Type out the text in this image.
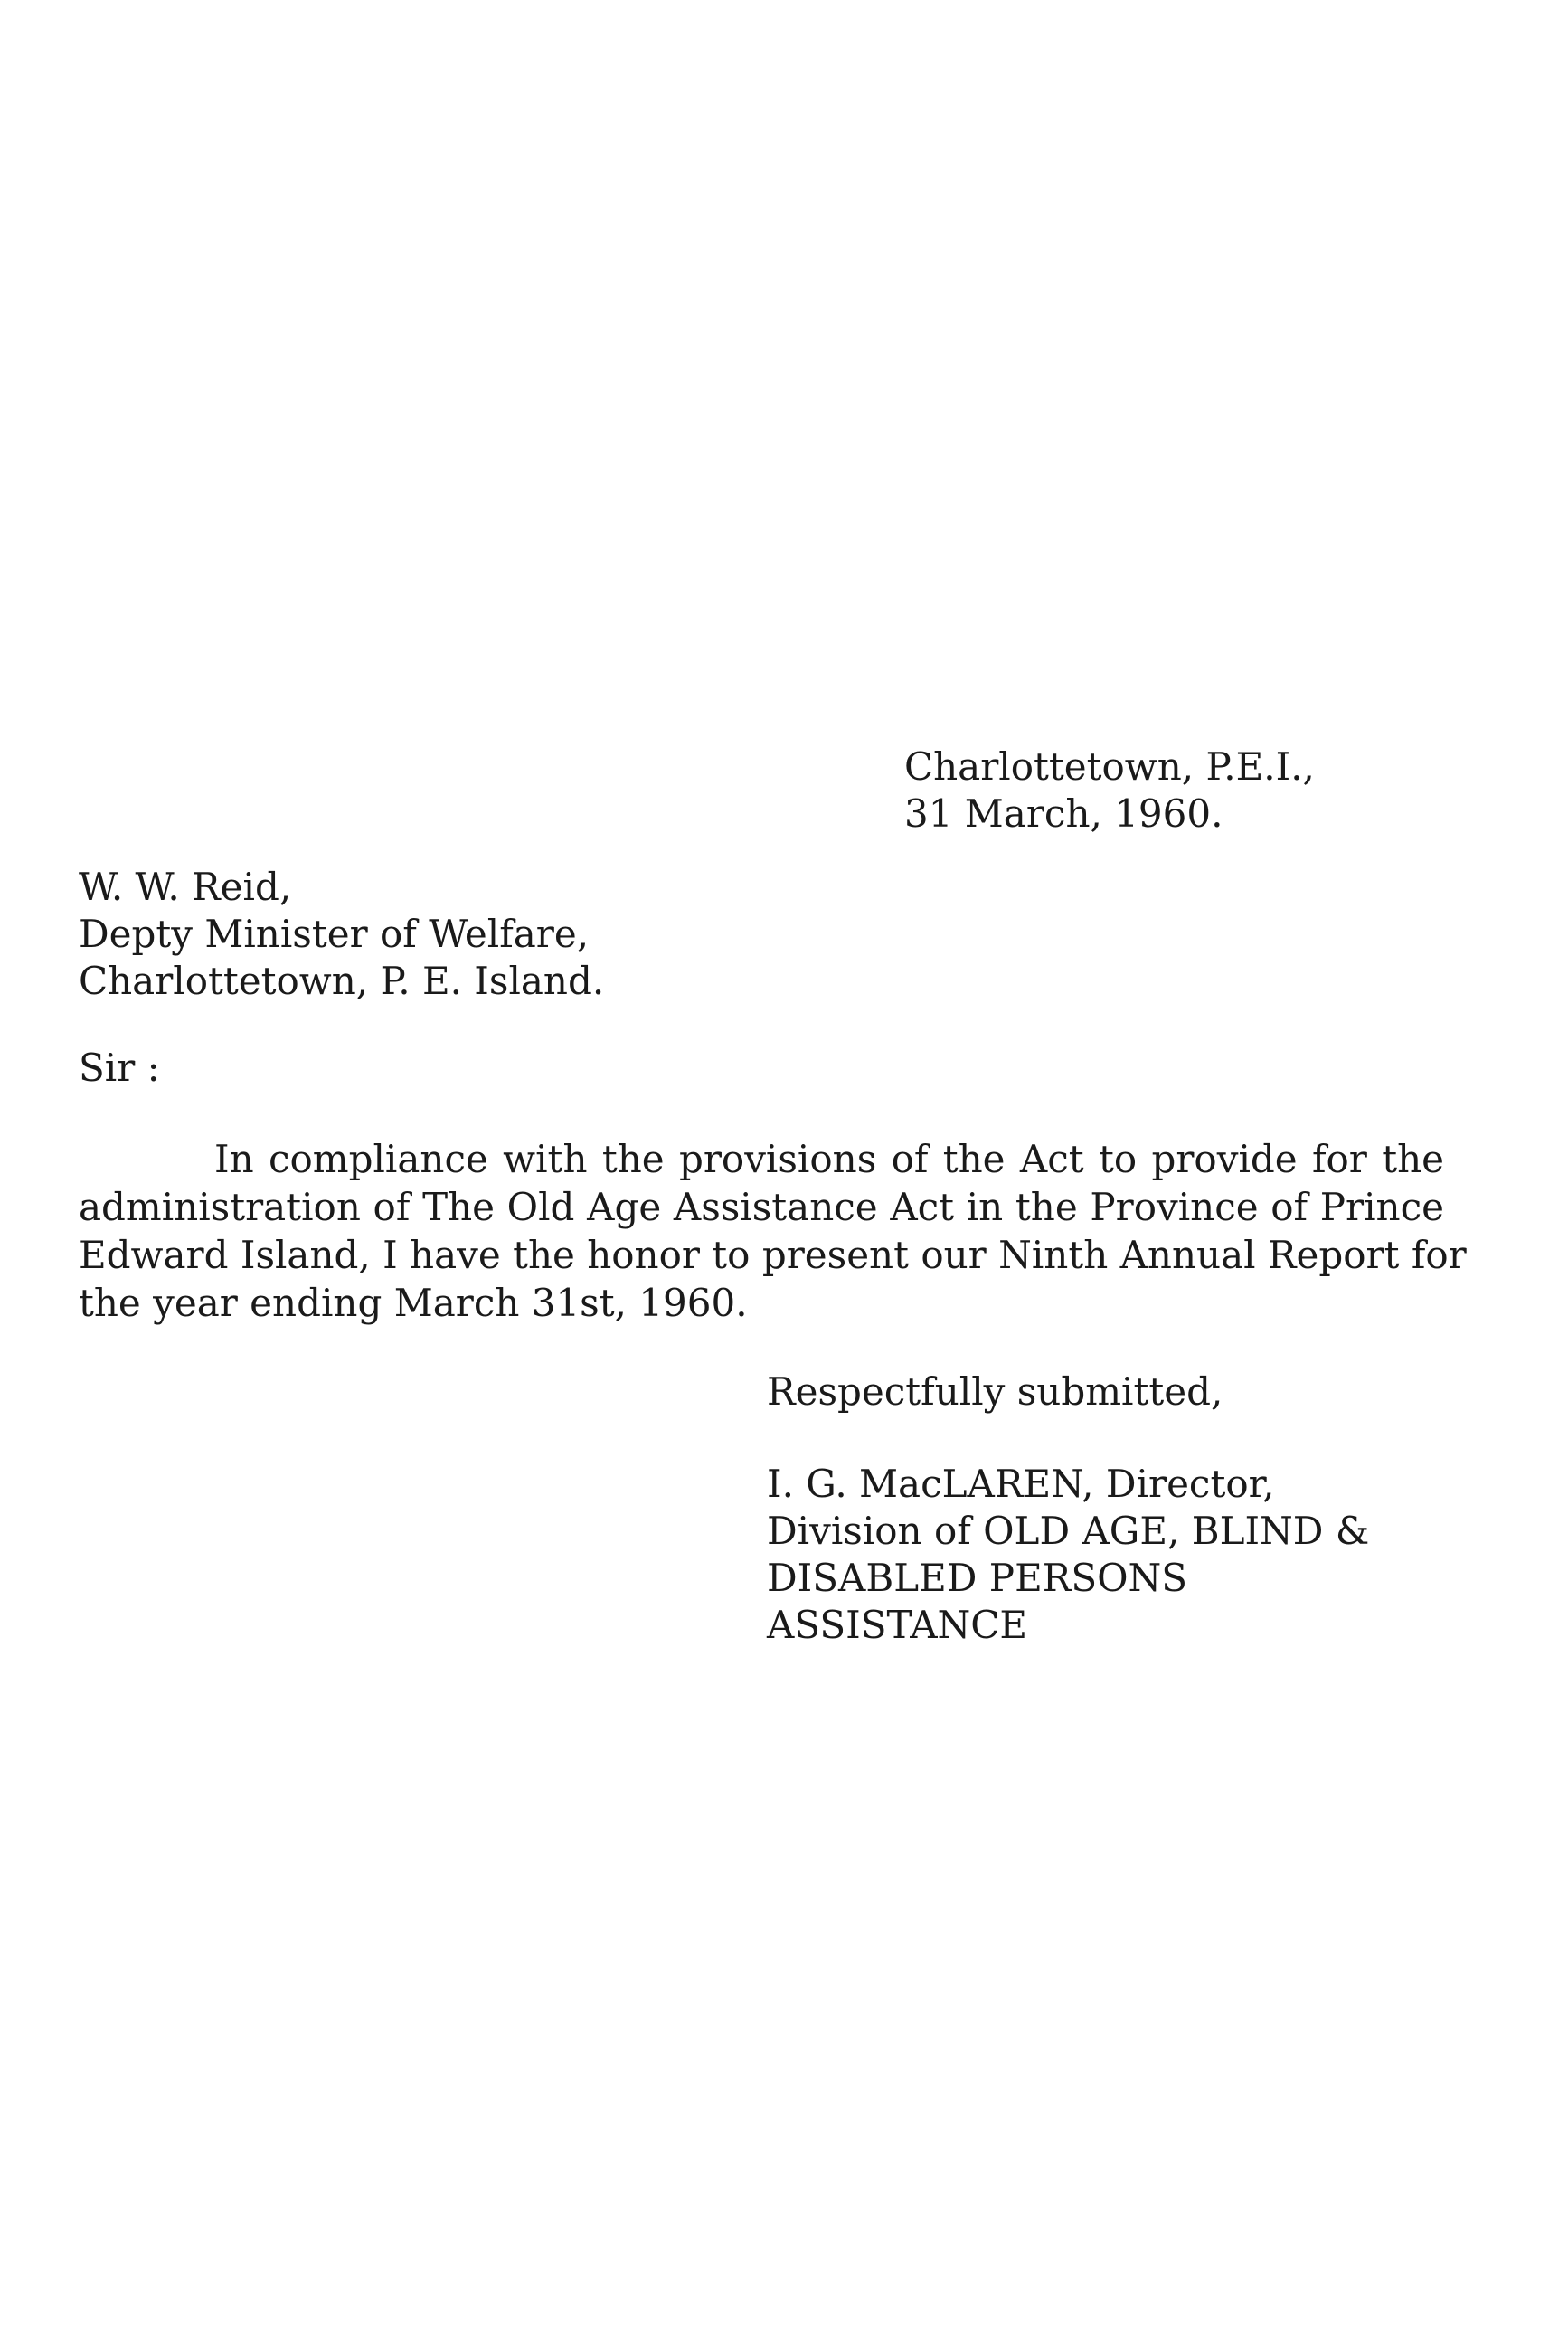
Charlottetown, P.E.I.,

31 March, 1960.

W. W. Reid,

Depty Minister of Welfare,

Charlottetown, P. E. Island.

Sir :

In compliance with the provisions of the Act to provide for the
administration of The Old Age Assistance Act in the Province of Prince
Edward Island, I have the honor to present our Ninth Annual Report for
the year ending March 31st, 1960.

Respectfully submitted,

I. G. MacLAREN, Director,

Division of OLD AGE, BLIND &

DISABLED PERSONS

ASSISTANCE
